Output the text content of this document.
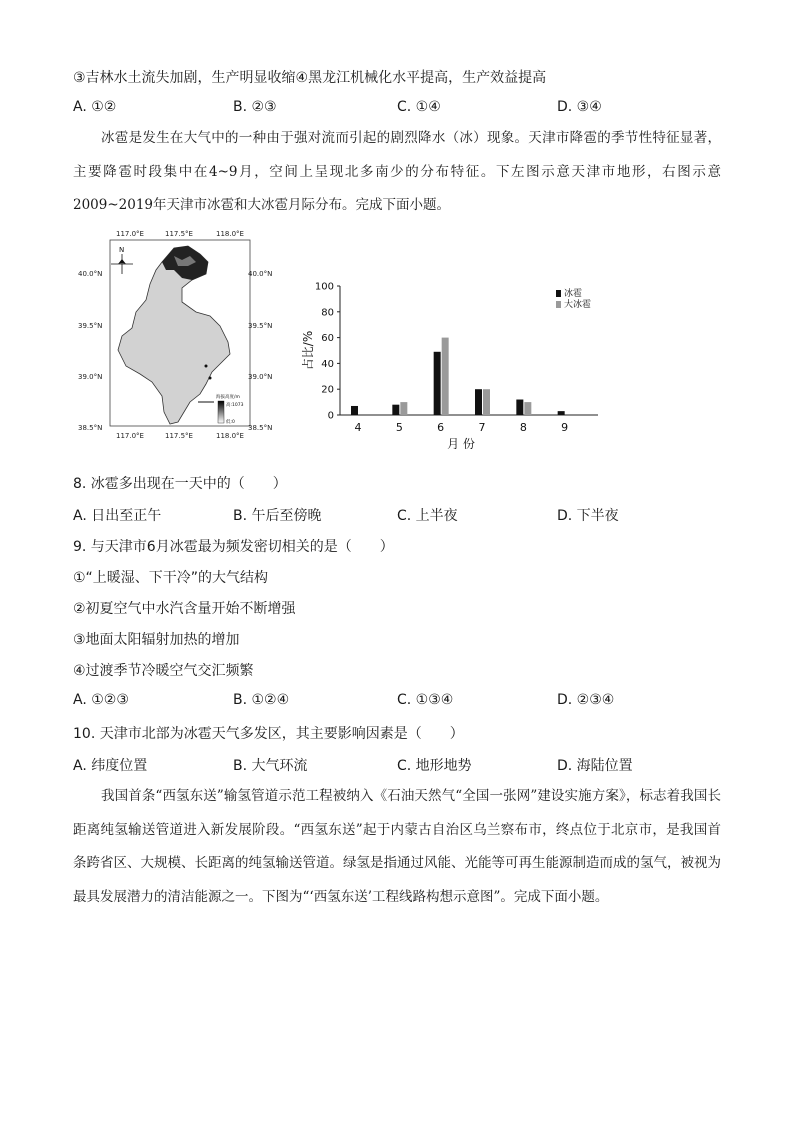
③吉林水土流失加剧，生产明显收缩④黑龙江机械化水平提高，生产效益提高
A. ①②	B. ②③	C. ①④	D. ③④
冰雹是发生在大气中的一种由于强对流而引起的剧烈降水（冰）现象。天津市降雹的季节性特征显著，主要降雹时段集中在4~9月，空间上呈现北多南少的分布特征。下左图示意天津市地形，右图示意2009~2019年天津市冰雹和大冰雹月际分布。完成下面小题。
117.0°E	117.5°E	118.0°E
117.0°E	117.5°E	118.0°E
40.0°N
39.5°N
39.0°N
38.5°N
40.0°N
39.5°N
39.0°N
38.5°N
N
海拔高度/m
高:1073
低:0
0
20
40
60
80
100
4	5	6	7	8	9
冰雹
大冰雹
占比/%
月 份
8. 冰雹多出现在一天中的（　　）
A. 日出至正午	B. 午后至傍晚	C. 上半夜	D. 下半夜
9. 与天津市6月冰雹最为频发密切相关的是（　　）
①“上暖湿、下干冷”的大气结构
②初夏空气中水汽含量开始不断增强
③地面太阳辐射加热的增加
④过渡季节冷暖空气交汇频繁
A. ①②③	B. ①②④	C. ①③④	D. ②③④
10. 天津市北部为冰雹天气多发区，其主要影响因素是（　　）
A. 纬度位置	B. 大气环流	C. 地形地势	D. 海陆位置
我国首条“西氢东送”输氢管道示范工程被纳入《石油天然气“全国一张网”建设实施方案》，标志着我国长距离纯氢输送管道进入新发展阶段。“西氢东送”起于内蒙古自治区乌兰察布市，终点位于北京市，是我国首条跨省区、大规模、长距离的纯氢输送管道。绿氢是指通过风能、光能等可再生能源制造而成的氢气，被视为最具发展潜力的清洁能源之一。下图为“‘西氢东送’工程线路构想示意图”。完成下面小题。
